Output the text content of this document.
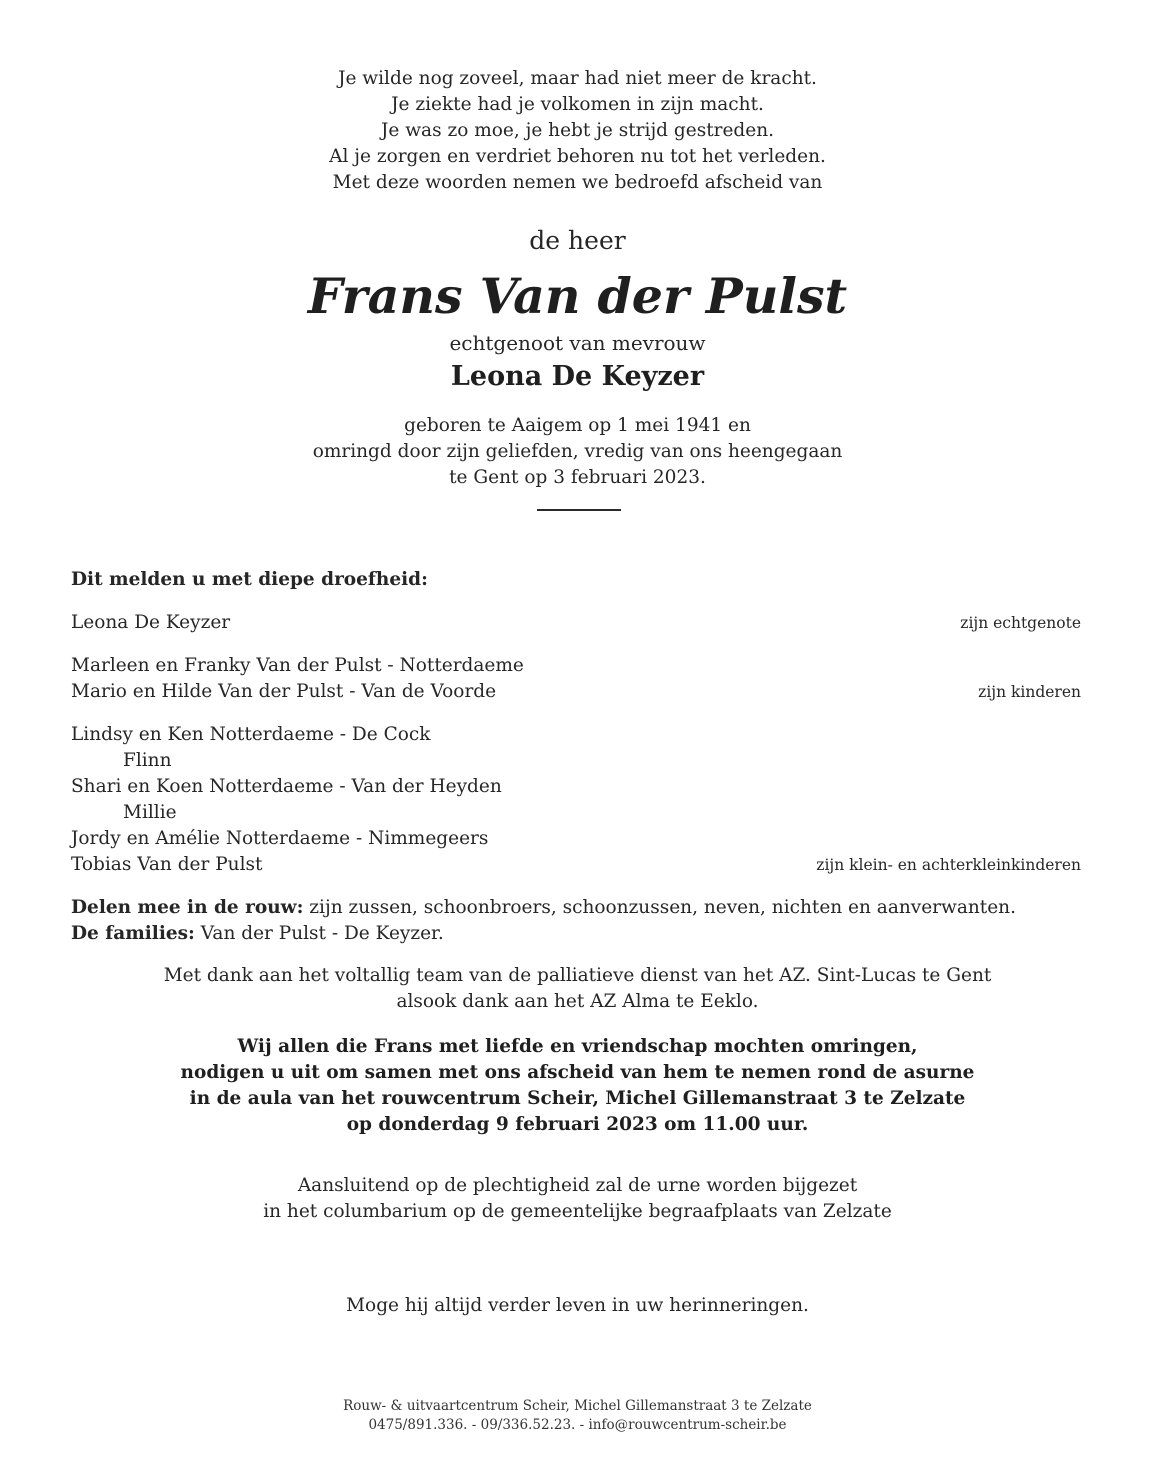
Je wilde nog zoveel, maar had niet meer de kracht.
Je ziekte had je volkomen in zijn macht.
Je was zo moe, je hebt je strijd gestreden.
Al je zorgen en verdriet behoren nu tot het verleden.
Met deze woorden nemen we bedroefd afscheid van
de heer
Frans Van der Pulst
echtgenoot van mevrouw
Leona De Keyzer
geboren te Aaigem op 1 mei 1941 en
omringd door zijn geliefden, vredig van ons heengegaan
te Gent op 3 februari 2023.
Dit melden u met diepe droefheid:
Leona De Keyzer	zijn echtgenote
Marleen en Franky Van der Pulst - Notterdaeme
Mario en Hilde Van der Pulst - Van de Voorde	zijn kinderen
Lindsy en Ken Notterdaeme - De Cock
Flinn
Shari en Koen Notterdaeme - Van der Heyden
Millie
Jordy en Amélie Notterdaeme - Nimmegeers
Tobias Van der Pulst	zijn klein- en achterkleinkinderen
Delen mee in de rouw: zijn zussen, schoonbroers, schoonzussen, neven, nichten en aanverwanten.
De families: Van der Pulst - De Keyzer.
Met dank aan het voltallig team van de palliatieve dienst van het AZ. Sint-Lucas te Gent
alsook dank aan het AZ Alma te Eeklo.
Wij allen die Frans met liefde en vriendschap mochten omringen,
nodigen u uit om samen met ons afscheid van hem te nemen rond de asurne
in de aula van het rouwcentrum Scheir, Michel Gillemanstraat 3 te Zelzate
op donderdag 9 februari 2023 om 11.00 uur.
Aansluitend op de plechtigheid zal de urne worden bijgezet
in het columbarium op de gemeentelijke begraafplaats van Zelzate
Moge hij altijd verder leven in uw herinneringen.
Rouw- & uitvaartcentrum Scheir, Michel Gillemanstraat 3 te Zelzate
0475/891.336. - 09/336.52.23. - info@rouwcentrum-scheir.be
